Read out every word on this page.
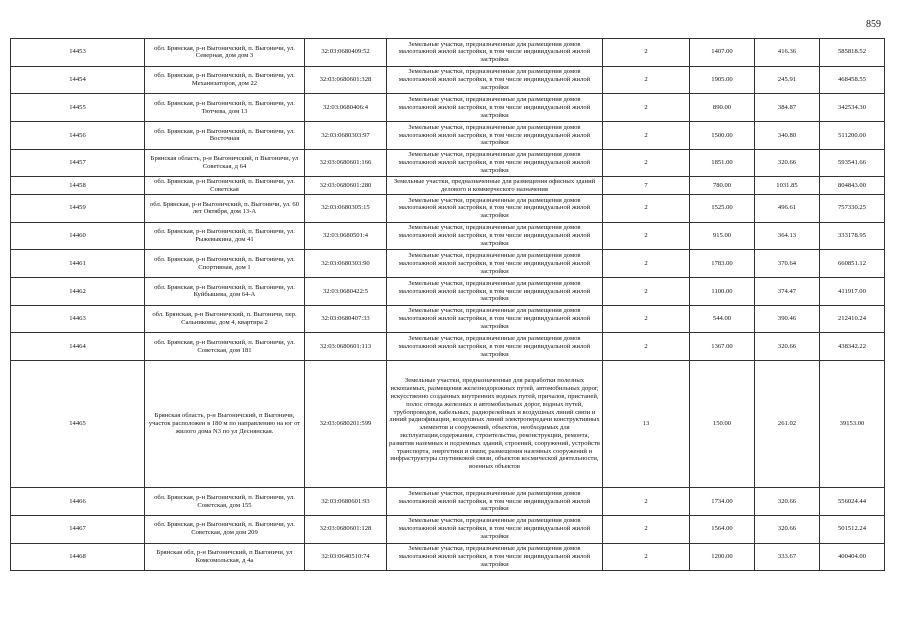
859
14453	обл. Брянская, р-н Выгоничский, п. Выгоничи, ул. Северная, дом дом 3	32:03:0680409:52	Земельные участки, предназначенные для размещения домов малоэтажной жилой застройки, в том числе индивидуальной жилой застройки	2	1407.00	416.36	585818.52
14454	обл. Брянская, р-н Выгоничский, п. Выгоничи, ул. Механизаторов, дом 22	32:03:0680601:328	Земельные участки, предназначенные для размещения домов малоэтажной жилой застройки, в том числе индивидуальной жилой застройки	2	1905.00	245.91	468458.55
14455	обл. Брянская, р-н Выгоничский, п. Выгоничи, ул. Тютчева, дом 13	32:03:0680406:4	Земельные участки, предназначенные для размещения домов малоэтажной жилой застройки, в том числе индивидуальной жилой застройки	2	890.00	384.87	342534.30
14456	обл. Брянская, р-н Выгоничский, п. Выгоничи, ул. Восточная	32:03:0680303:97	Земельные участки, предназначенные для размещения домов малоэтажной жилой застройки, в том числе индивидуальной жилой застройки	2	1500.00	340.80	511200.00
14457	Брянская область, р-н Выгоничский, п Выгоничи, ул Советская, д 64	32:03:0680601:166	Земельные участки, предназначенные для размещения домов малоэтажной жилой застройки, в том числе индивидуальной жилой застройки	2	1851.00	320.66	593541.66
14458	обл. Брянская, р-н Выгоничский, п. Выгоничи, ул. Советская	32:03:0680601:280	Земельные участки, предназначенные для размещения офисных зданий делового и коммерческого назначения	7	780.00	1031.85	804843.00
14459	обл. Брянская, р-н Выгоничский, п. Выгоничи, ул. 60 лет Октября, дом 13-А	32:03:0680305:15	Земельные участки, предназначенные для размещения домов малоэтажной жилой застройки, в том числе индивидуальной жилой застройки	2	1525.00	496.61	757330.25
14460	обл. Брянская, р-н Выгоничский, п. Выгоничи, ул. Рыжевыкина, дом 41	32:03:0680501:4	Земельные участки, предназначенные для размещения домов малоэтажной жилой застройки, в том числе индивидуальной жилой застройки	2	915.00	364.13	333178.95
14461	обл. Брянская, р-н Выгоничский, п. Выгоничи, ул. Спортивная, дом 1	32:03:0680303:90	Земельные участки, предназначенные для размещения домов малоэтажной жилой застройки, в том числе индивидуальной жилой застройки	2	1783.00	370.64	660851.12
14462	обл. Брянская, р-н Выгоничский, п. Выгоничи, ул. Куйбышева, дом 64-А	32:03:0680422:5	Земельные участки, предназначенные для размещения домов малоэтажной жилой застройки, в том числе индивидуальной жилой застройки	2	1100.00	374.47	411917.00
14463	обл. Брянская, р-н Выгоничский, п. Выгоничи, пер. Сальниковы, дом 4, квартира 2	32:03:0680407:33	Земельные участки, предназначенные для размещения домов малоэтажной жилой застройки, в том числе индивидуальной жилой застройки	2	544.00	390.46	212410.24
14464	обл. Брянская, р-н Выгоничский, п. Выгоничи, ул. Советская, дом 181	32:03:0680601:113	Земельные участки, предназначенные для размещения домов малоэтажной жилой застройки, в том числе индивидуальной жилой застройки	2	1367.00	320.66	438342.22
14465	Брянская область, р-н Выгоничский, п Выгоничи, участок расположен в 180 м по направлению на юг от жилого дома N3 по ул Деснянская.	32:03:0680201:599	Земельные участки, предназначенные для разработки полезных ископаемых, размещения железнодорожных путей, автомобильных дорог, искусственно созданных внутренних водных путей, причалов, пристаней, полос отвода железных и автомобильных дорог, водных путей, трубопроводов, кабельных, радиорелейных и воздушных линий связи и линий радиофикации, воздушных линий электропередачи конструктивных элементов и сооружений, объектов, необходимых для эксплуатации,содержания, строительства, реконструкции, ремонта, развития наземных и подземных зданий, строений, сооружений, устройств транспорта, энергетики и связи; размещения наземных сооружений и инфраструктуры спутниковой связи, объектов космической деятельности, военных объектов	13	150.00	261.02	39153.00
14466	обл. Брянская, р-н Выгоничский, п. Выгоничи, ул. Советская, дом 155	32:03:0680601:93	Земельные участки, предназначенные для размещения домов малоэтажной жилой застройки, в том числе индивидуальной жилой застройки	2	1734.00	320.66	556024.44
14467	обл. Брянская, р-н Выгоничский, п. Выгоничи, ул. Советская, дом дом 209	32:03:0680601:128	Земельные участки, предназначенные для размещения домов малоэтажной жилой застройки, в том числе индивидуальной жилой застройки	2	1564.00	320.66	501512.24
14468	Брянская обл, р-н Выгоничский, п Выгоничи, ул Комсомольская, д 4а	32:03:0640510:74	Земельные участки, предназначенные для размещения домов малоэтажной жилой застройки, в том числе индивидуальной жилой застройки	2	1200.00	333.67	400404.00
